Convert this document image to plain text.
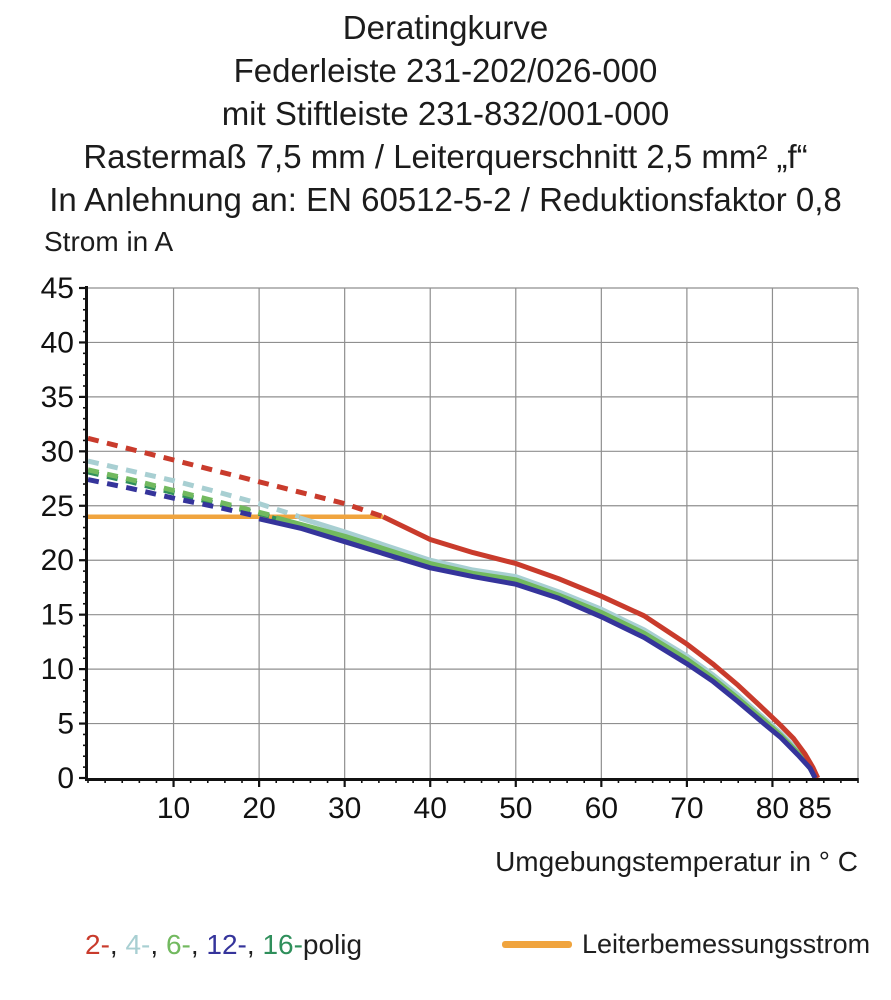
Deratingkurve
Federleiste 231-202/026-000
mit Stiftleiste 231-832/001-000
Rastermaß 7,5 mm / Leiterquerschnitt 2,5 mm² „f“
In Anlehnung an: EN 60512-5-2 / Reduktionsfaktor 0,8
Strom in A
0
5
10
15
20
25
30
35
40
45
10 20 30 40 50 60 70 80 85
Umgebungstemperatur in ° C
2-, 4-, 6-, 12-, 16-polig	Leiterbemessungsstrom
